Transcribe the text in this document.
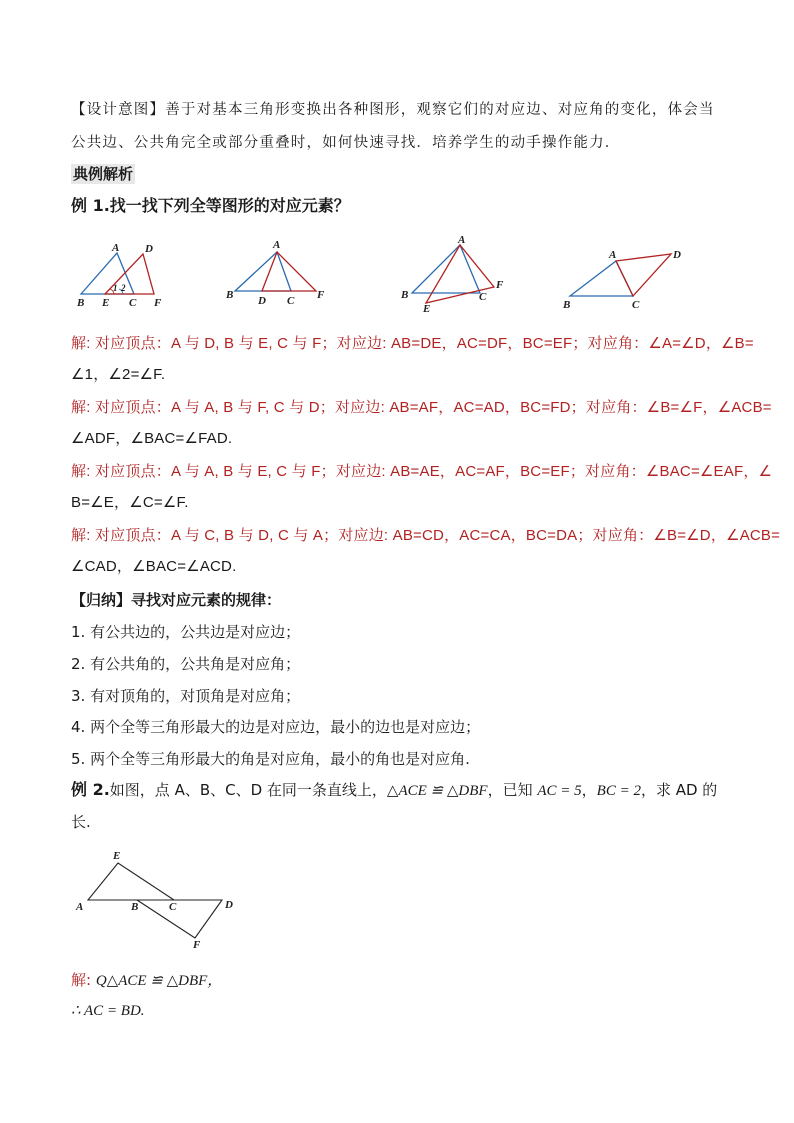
【设计意图】善于对基本三角形变换出各种图形，观察它们的对应边、对应角的变化，体会当
公共边、公共角完全或部分重叠时，如何快速寻找．培养学生的动手操作能力．
典例解析
例 1.找一找下列全等图形的对应元素？
A D
B E C F
1 2
A
B D C F
A
F
B	C
E
A	D
B	C
解: 对应顶点：A 与 D, B 与 E, C 与 F；对应边: AB=DE，AC=DF，BC=EF；对应角：∠A=∠D，∠B=
∠1，∠2=∠F.
解: 对应顶点：A 与 A, B 与 F, C 与 D；对应边: AB=AF，AC=AD，BC=FD；对应角：∠B=∠F，∠ACB=
∠ADF，∠BAC=∠FAD.
解: 对应顶点：A 与 A, B 与 E, C 与 F；对应边: AB=AE，AC=AF，BC=EF；对应角：∠BAC=∠EAF，∠
B=∠E，∠C=∠F.
解: 对应顶点：A 与 C, B 与 D, C 与 A；对应边: AB=CD，AC=CA，BC=DA；对应角：∠B=∠D，∠ACB=
∠CAD，∠BAC=∠ACD.
【归纳】寻找对应元素的规律：
1. 有公共边的，公共边是对应边；
2. 有公共角的，公共角是对应角；
3. 有对顶角的，对顶角是对应角；
4. 两个全等三角形最大的边是对应边，最小的边也是对应边；
5. 两个全等三角形最大的角是对应角，最小的角也是对应角.
例 2.如图，点 A、B、C、D 在同一条直线上，△ACE ≌ △DBF，已知 AC = 5，BC = 2，求 AD 的
长.
E
A	B	C	D
F
解: Q△ACE ≌ △DBF，
∴ AC = BD.
